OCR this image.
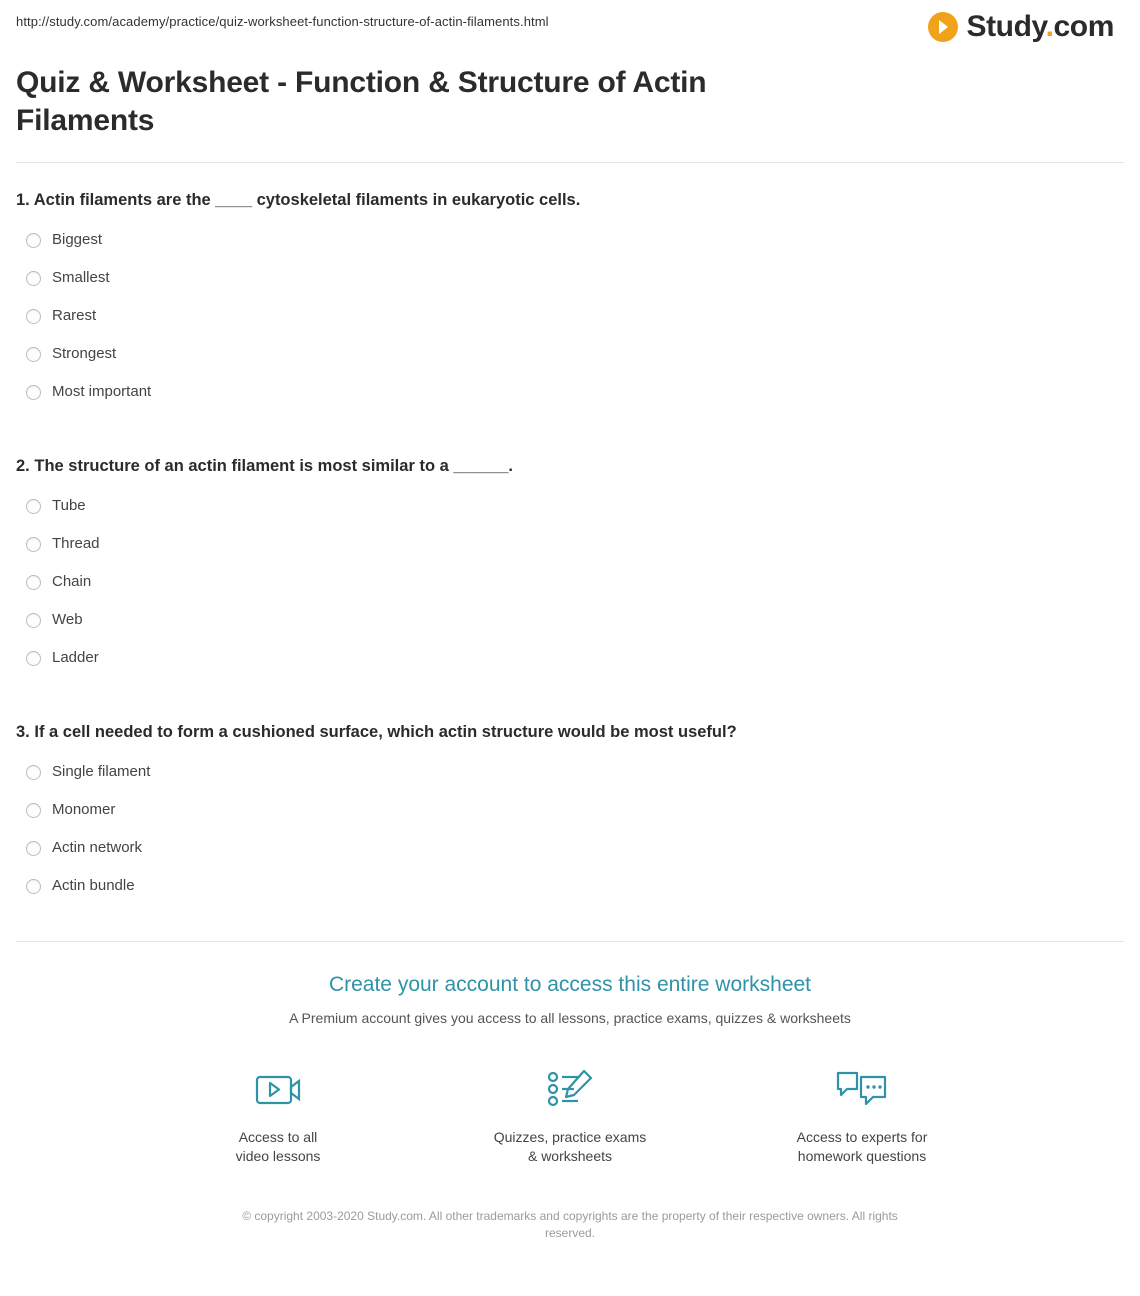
http://study.com/academy/practice/quiz-worksheet-function-structure-of-actin-filaments.html	Study.com
Quiz & Worksheet - Function & Structure of Actin Filaments

1. Actin filaments are the ____ cytoskeletal filaments in eukaryotic cells.

Biggest
Smallest
Rarest
Strongest
Most important

2. The structure of an actin filament is most similar to a ______.

Tube
Thread
Chain
Web
Ladder

3. If a cell needed to form a cushioned surface, which actin structure would be most useful?

Single filament
Monomer
Actin network
Actin bundle

Create your account to access this entire worksheet

A Premium account gives you access to all lessons, practice exams, quizzes & worksheets

Access to all
video lessons
Quizzes, practice exams
& worksheets
Access to experts for
homework questions
© copyright 2003-2020 Study.com. All other trademarks and copyrights are the property of their respective owners. All rights reserved.
